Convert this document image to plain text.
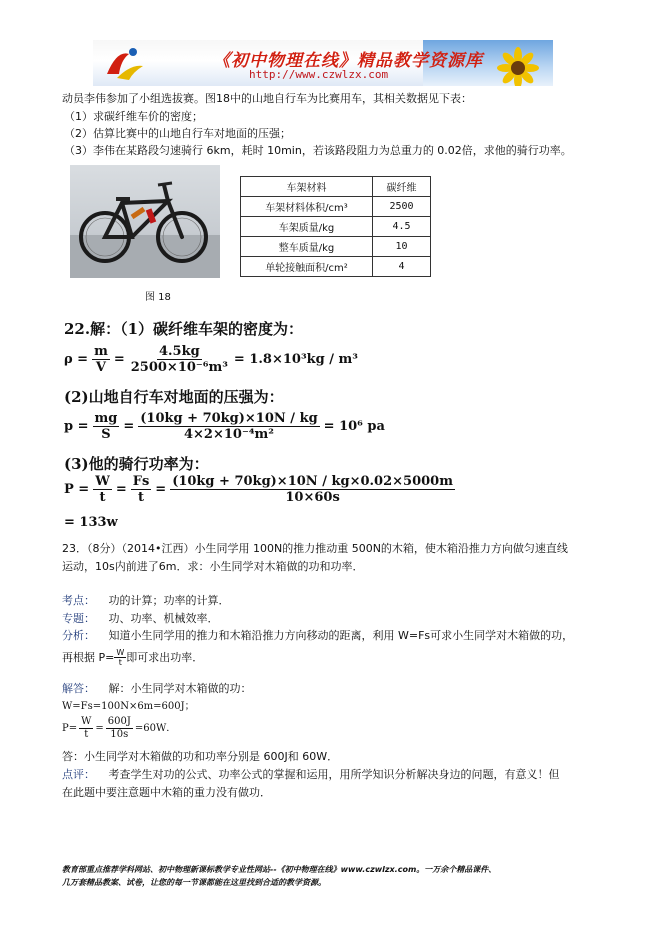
《初中物理在线》精品教学资源库
http://www.czwlzx.com
动员李伟参加了小组选拔赛。图18中的山地自行车为比赛用车，其相关数据见下表：
（1）求碳纤维车价的密度；
（2）估算比赛中的山地自行车对地面的压强；
（3）李伟在某路段匀速骑行 6km，耗时 10min，若该路段阻力为总重力的 0.02倍，求他的骑行功率。
图 18
车架材料	碳纤维
车架材料体积/cm³	2500
车架质量/kg	4.5
整车质量/kg	10
单轮接触面积/cm²	4
22.解：（1）碳纤维车架的密度为：
$\rho = \frac{m}{V} = \frac{4.5kg}{\text{2500×10⁻⁶m³}} = 1.8\times 10^3kg / m^3$
(2)山地自行车对地面的压强为：
$p = \frac{mg}{S} = \frac{(10kg + 70kg)\times 10N / kg}{\text{4×2×10⁻⁴m²}} = 10^6$ pa
(3)他的骑行功率为：
$P = \frac{W}{t} = \frac{Fs}{t} = \frac{(10kg + 70kg)\times 10N / kg\times 0.02\times 5000m}{10\times 60s}$
= 133w
23．（8分）（2014•江西）小生同学用 100N的推力推动重 500N的木箱，使木箱沿推力方向做匀速直线
运动，10s内前进了6m．求：小生同学对木箱做的功和功率．
考点： 功的计算；功率的计算．
专题： 功、功率、机械效率．
分析： 知道小生同学用的推力和木箱沿推力方向移动的距离，利用 W=Fs可求小生同学对木箱做的功，
再根据 $P= \frac{W}{t}$ 即可求出功率．
解答： 解：小生同学对木箱做的功：
W=Fs=100N×6m=600J；
$P= \frac{W}{t} = \frac{600J}{10s} =60W$．
答：小生同学对木箱做的功和功率分别是 600J和 60W．
点评： 考查学生对功的公式、功率公式的掌握和运用，用所学知识分析解决身边的问题，有意义！但
在此题中要注意题中木箱的重力没有做功．
教育部重点推荐学科网站、初中物理新课标教学专业性网站--《初中物理在线》www.czwlzx.com。一万余个精品课件、
几万套精品教案、试卷，让您的每一节课都能在这里找到合适的教学资源。
